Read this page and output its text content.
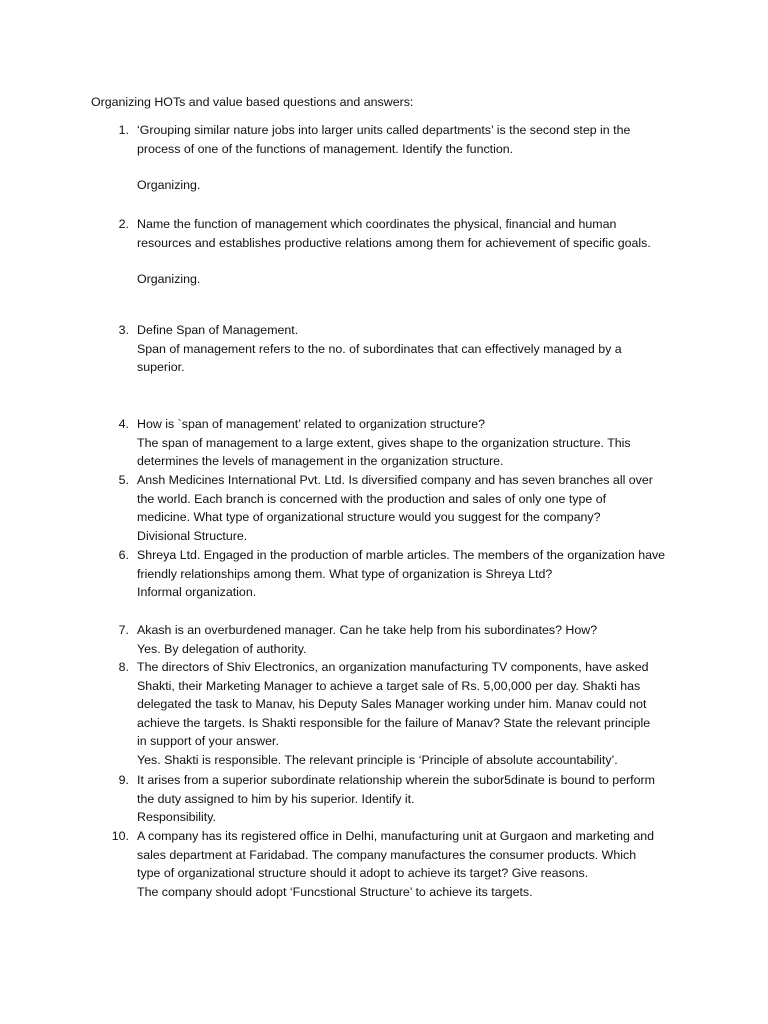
Organizing HOTs and value based questions and answers:
1. ‘Grouping similar nature jobs into larger units called departments’ is the second step in the
process of one of the functions of management. Identify the function.
Organizing.
2. Name the function of management which coordinates the physical, financial and human
resources and establishes productive relations among them for achievement of specific goals.
Organizing.
3. Define Span of Management.
Span of management refers to the no. of subordinates that can effectively managed by a
superior.
4. How is `span of management’ related to organization structure?
The span of management to a large extent, gives shape to the organization structure. This
determines the levels of management in the organization structure.
5. Ansh Medicines International Pvt. Ltd. Is diversified company and has seven branches all over
the world. Each branch is concerned with the production and sales of only one type of
medicine. What type of organizational structure would you suggest for the company?
Divisional Structure.
6. Shreya Ltd. Engaged in the production of marble articles. The members of the organization have
friendly relationships among them. What type of organization is Shreya Ltd?
Informal organization.
7. Akash is an overburdened manager. Can he take help from his subordinates? How?
Yes. By delegation of authority.
8. The directors of Shiv Electronics, an organization manufacturing TV components, have asked
Shakti, their Marketing Manager to achieve a target sale of Rs. 5,00,000 per day. Shakti has
delegated the task to Manav, his Deputy Sales Manager working under him. Manav could not
achieve the targets. Is Shakti responsible for the failure of Manav? State the relevant principle
in support of your answer.
Yes. Shakti is responsible. The relevant principle is ‘Principle of absolute accountability’.
9. It arises from a superior subordinate relationship wherein the subor5dinate is bound to perform
the duty assigned to him by his superior. Identify it.
Responsibility.
10. A company has its registered office in Delhi, manufacturing unit at Gurgaon and marketing and
sales department at Faridabad. The company manufactures the consumer products. Which
type of organizational structure should it adopt to achieve its target? Give reasons.
The company should adopt ‘Funcstional Structure’ to achieve its targets.
